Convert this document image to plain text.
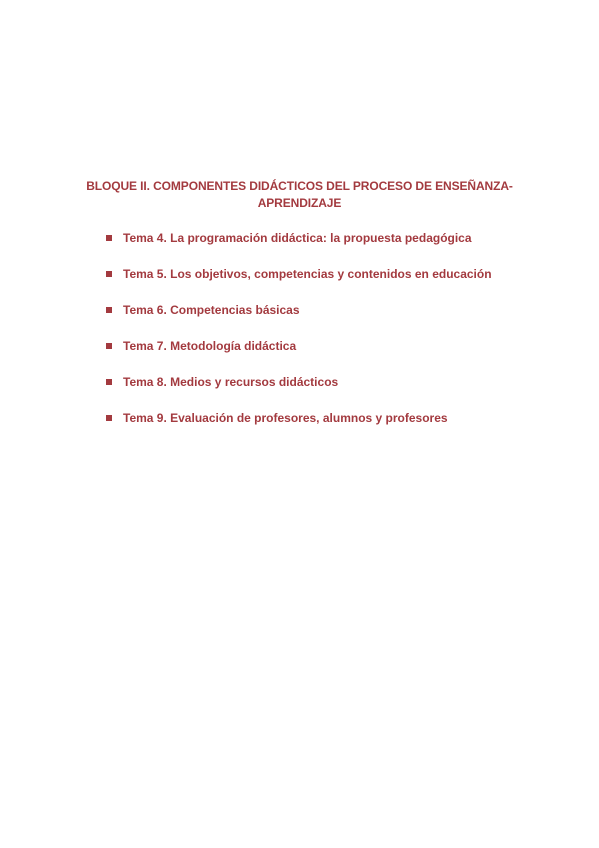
BLOQUE II. COMPONENTES DIDÁCTICOS DEL PROCESO DE ENSEÑANZA-
APRENDIZAJE
Tema 4. La programación didáctica: la propuesta pedagógica
Tema 5. Los objetivos, competencias y contenidos en educación
Tema 6. Competencias básicas
Tema 7. Metodología didáctica
Tema 8. Medios y recursos didácticos
Tema 9. Evaluación de profesores, alumnos y profesores
